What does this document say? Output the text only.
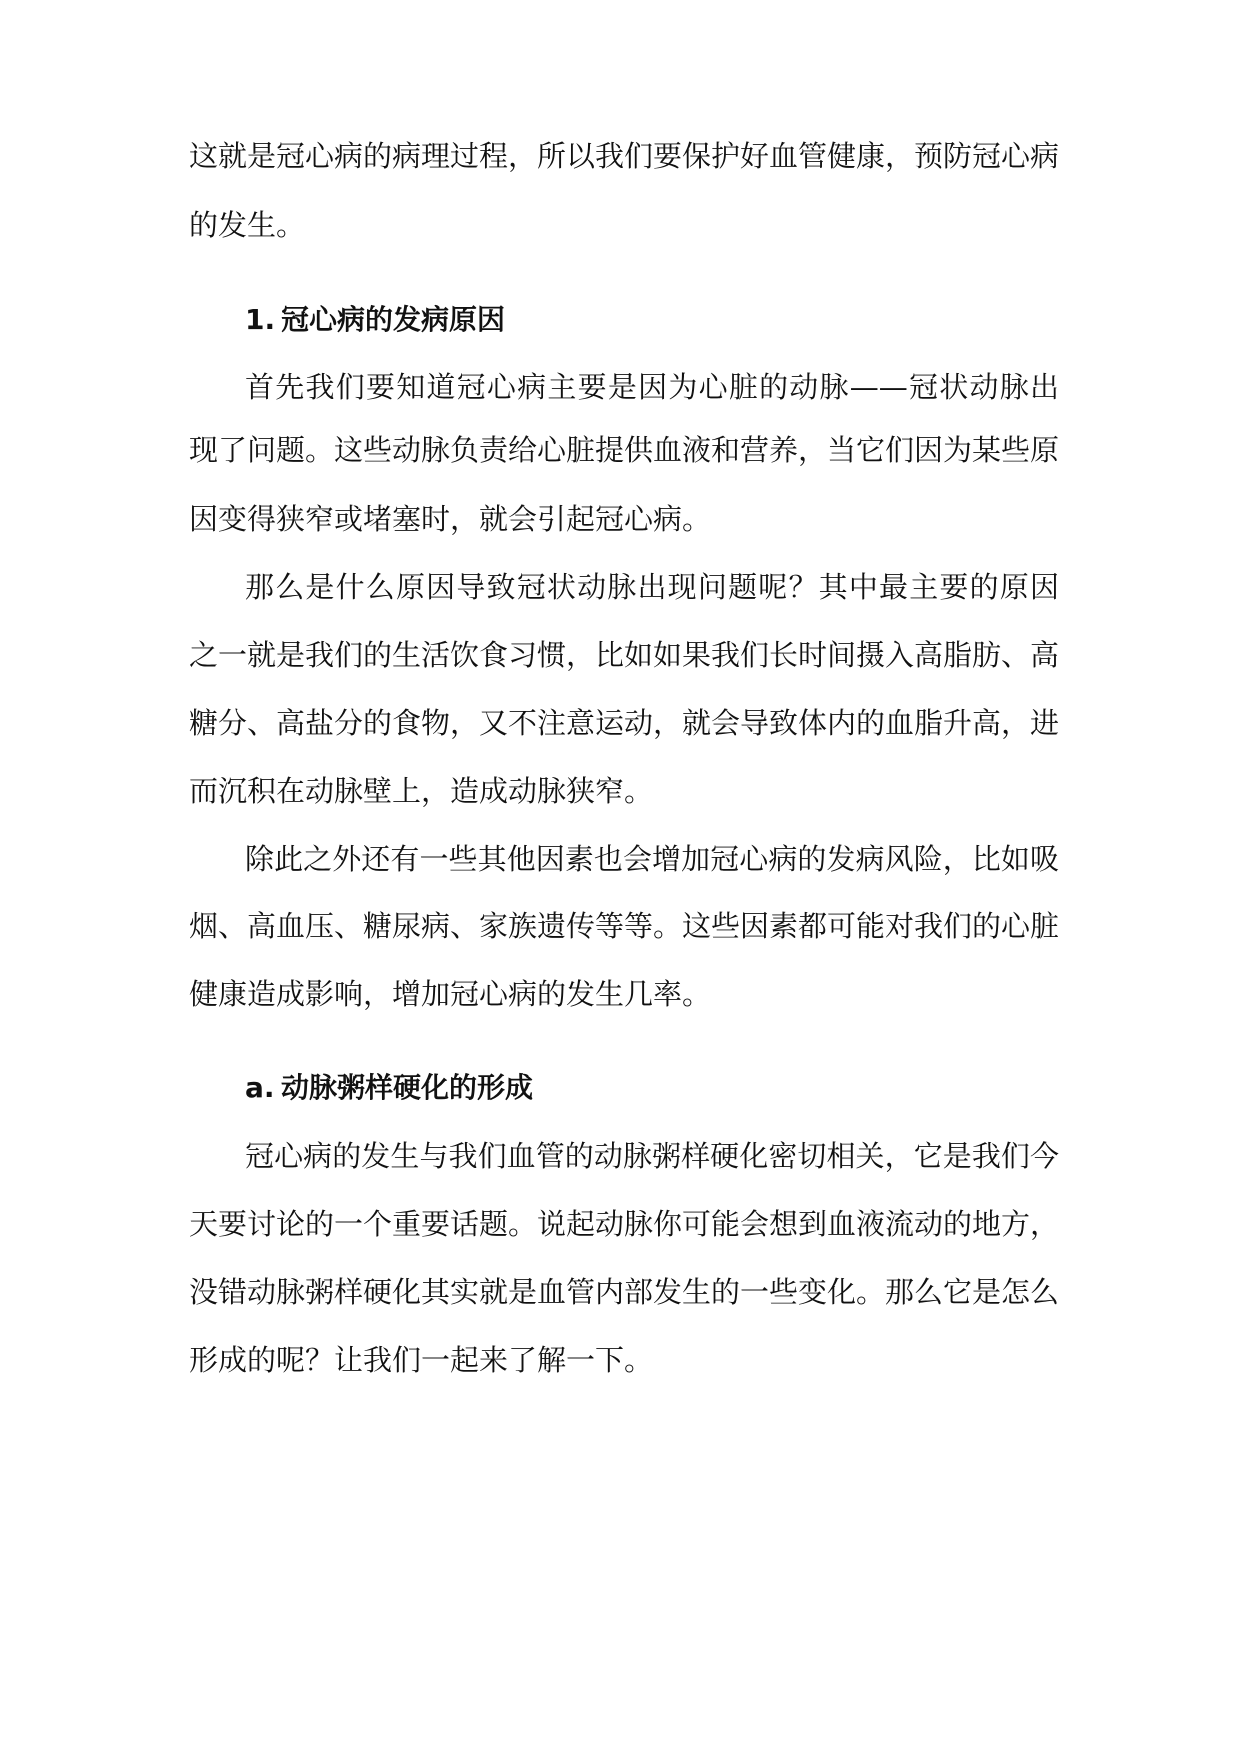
这就是冠心病的病理过程，所以我们要保护好血管健康，预防冠心病
的发生。
1. 冠心病的发病原因
首先我们要知道冠心病主要是因为心脏的动脉——冠状动脉出
现了问题。这些动脉负责给心脏提供血液和营养，当它们因为某些原
因变得狭窄或堵塞时，就会引起冠心病。
那么是什么原因导致冠状动脉出现问题呢？其中最主要的原因
之一就是我们的生活饮食习惯，比如如果我们长时间摄入高脂肪、高
糖分、高盐分的食物，又不注意运动，就会导致体内的血脂升高，进
而沉积在动脉壁上，造成动脉狭窄。
除此之外还有一些其他因素也会增加冠心病的发病风险，比如吸
烟、高血压、糖尿病、家族遗传等等。这些因素都可能对我们的心脏
健康造成影响，增加冠心病的发生几率。
a. 动脉粥样硬化的形成
冠心病的发生与我们血管的动脉粥样硬化密切相关，它是我们今
天要讨论的一个重要话题。说起动脉你可能会想到血液流动的地方，
没错动脉粥样硬化其实就是血管内部发生的一些变化。那么它是怎么
形成的呢？让我们一起来了解一下。
